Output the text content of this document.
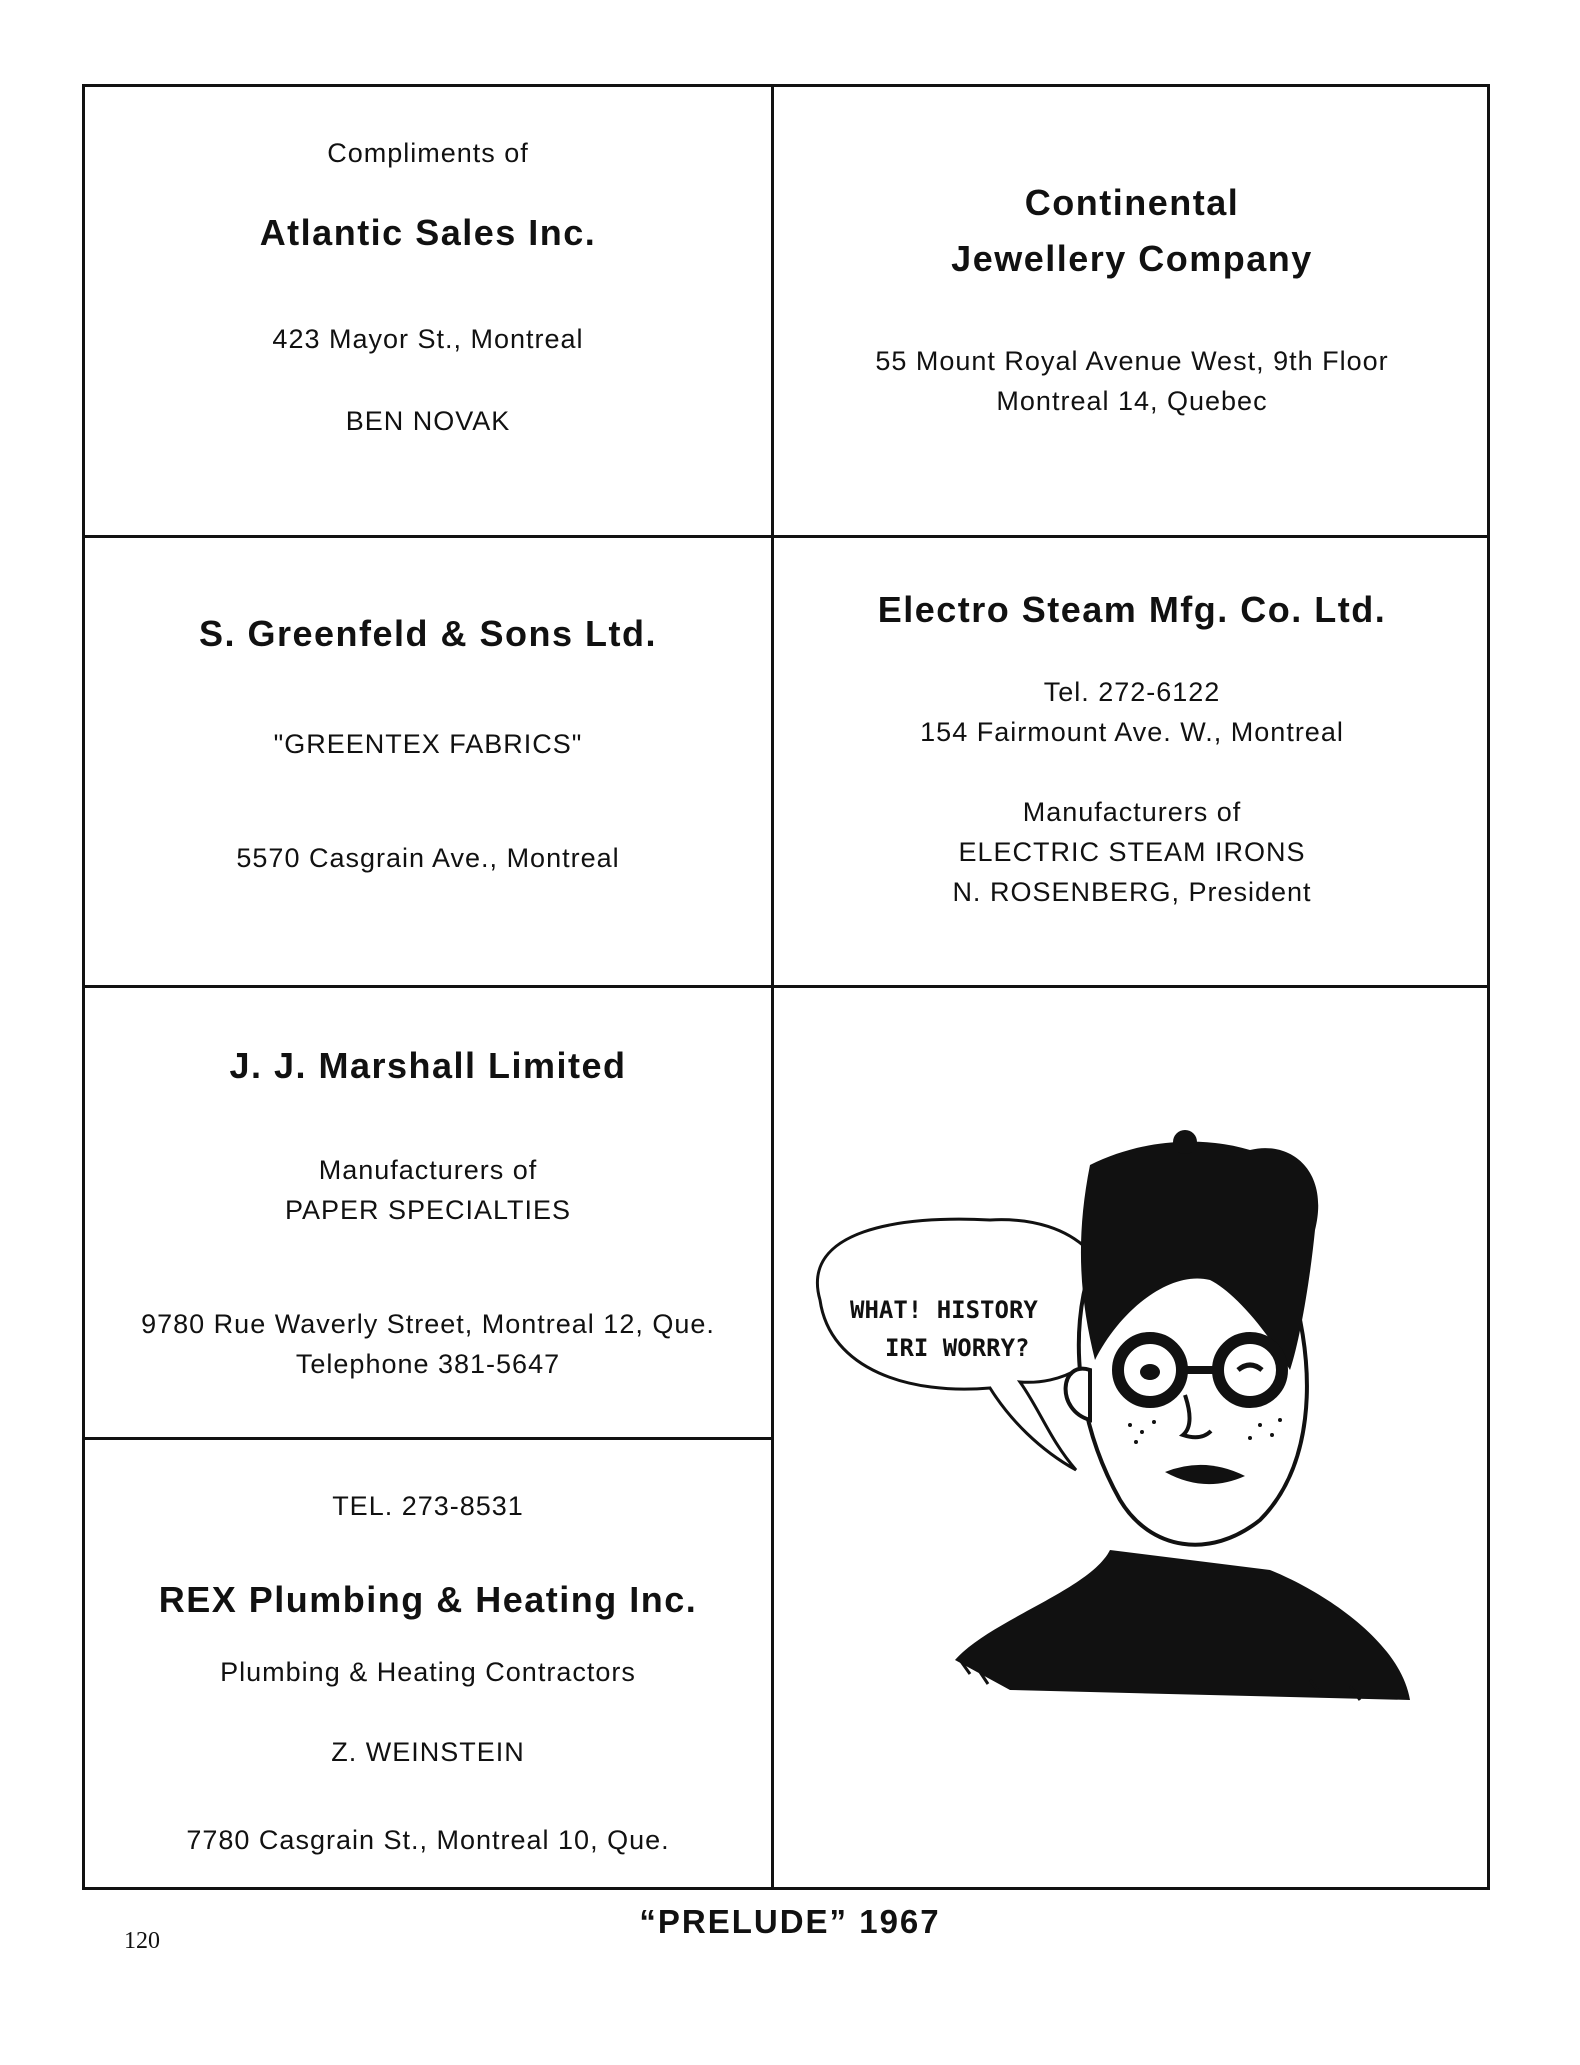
Compliments of

Atlantic Sales Inc.

423 Mayor St., Montreal

BEN NOVAK

Continental

Jewellery Company

55 Mount Royal Avenue West, 9th Floor

Montreal 14, Quebec

S. Greenfeld & Sons Ltd.

"GREENTEX FABRICS"

5570 Casgrain Ave., Montreal

Electro Steam Mfg. Co. Ltd.

Tel. 272-6122

154 Fairmount Ave. W., Montreal

Manufacturers of

ELECTRIC STEAM IRONS

N. ROSENBERG, President

J. J. Marshall Limited

Manufacturers of

PAPER SPECIALTIES

9780 Rue Waverly Street, Montreal 12, Que.

Telephone 381-5647

TEL. 273-8531

REX Plumbing & Heating Inc.

Plumbing & Heating Contractors

Z. WEINSTEIN

7780 Casgrain St., Montreal 10, Que.

WHAT! HISTORY
IRI WORRY?
“PRELUDE” 1967
120
